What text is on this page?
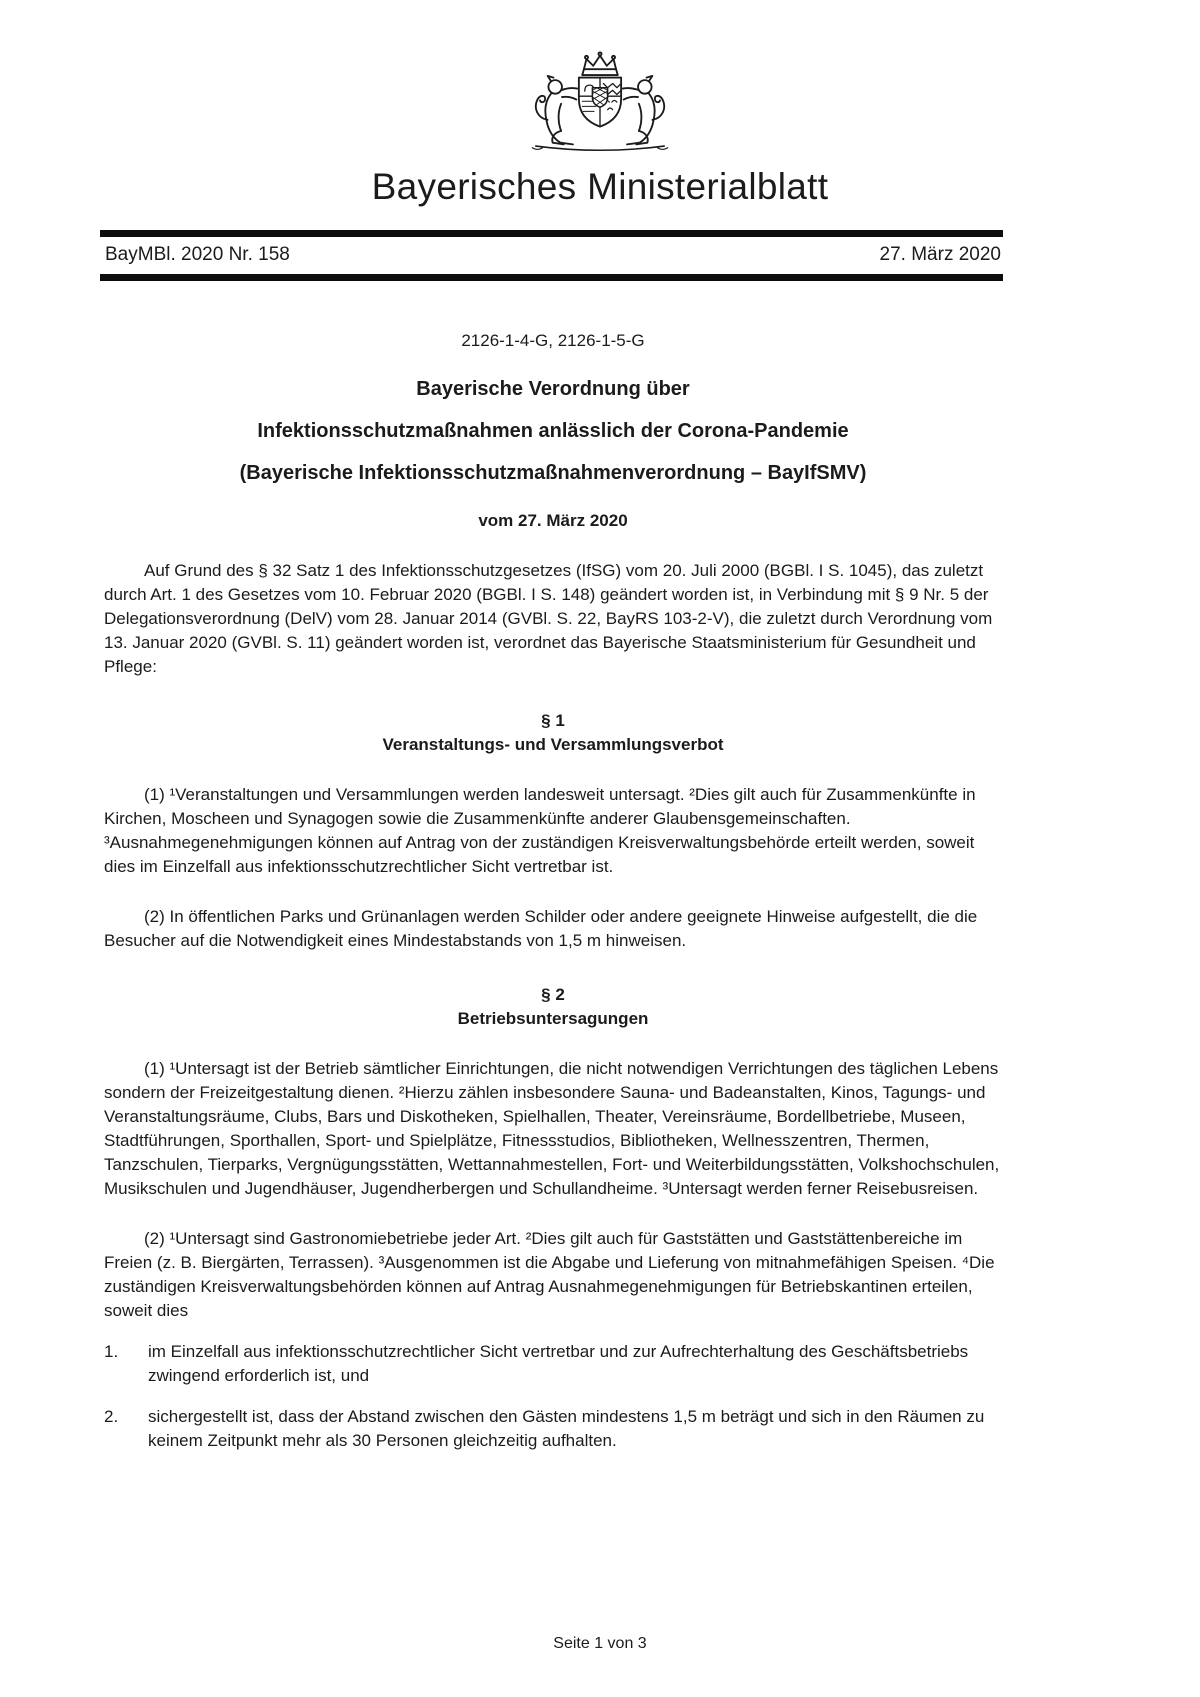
Bayerisches Ministerialblatt
BayMBl. 2020 Nr. 158	27. März 2020

2126-1-4-G, 2126-1-5-G

Bayerische Verordnung über
Infektionsschutzmaßnahmen anlässlich der Corona-Pandemie
(Bayerische Infektionsschutzmaßnahmenverordnung – BayIfSMV)

vom 27. März 2020

Auf Grund des § 32 Satz 1 des Infektionsschutzgesetzes (IfSG) vom 20. Juli 2000 (BGBl. I S. 1045), das zuletzt durch Art. 1 des Gesetzes vom 10. Februar 2020 (BGBl. I S. 148) geändert worden ist, in Verbindung mit § 9 Nr. 5 der Delegationsverordnung (DelV) vom 28. Januar 2014 (GVBl. S. 22, BayRS 103-2-V), die zuletzt durch Verordnung vom 13. Januar 2020 (GVBl. S. 11) geändert worden ist, verordnet das Bayerische Staatsministerium für Gesundheit und Pflege:

§ 1
Veranstaltungs- und Versammlungsverbot

(1) ¹Veranstaltungen und Versammlungen werden landesweit untersagt. ²Dies gilt auch für Zusammenkünfte in Kirchen, Moscheen und Synagogen sowie die Zusammenkünfte anderer Glaubensgemeinschaften. ³Ausnahmegenehmigungen können auf Antrag von der zuständigen Kreisverwaltungsbehörde erteilt werden, soweit dies im Einzelfall aus infektionsschutzrechtlicher Sicht vertretbar ist.

(2) In öffentlichen Parks und Grünanlagen werden Schilder oder andere geeignete Hinweise aufgestellt, die die Besucher auf die Notwendigkeit eines Mindestabstands von 1,5 m hinweisen.

§ 2
Betriebsuntersagungen

(1) ¹Untersagt ist der Betrieb sämtlicher Einrichtungen, die nicht notwendigen Verrichtungen des täglichen Lebens sondern der Freizeitgestaltung dienen. ²Hierzu zählen insbesondere Sauna- und Badeanstalten, Kinos, Tagungs- und Veranstaltungsräume, Clubs, Bars und Diskotheken, Spielhallen, Theater, Vereinsräume, Bordellbetriebe, Museen, Stadtführungen, Sporthallen, Sport- und Spielplätze, Fitnessstudios, Bibliotheken, Wellnesszentren, Thermen, Tanzschulen, Tierparks, Vergnügungsstätten, Wettannahmestellen, Fort- und Weiterbildungsstätten, Volkshochschulen, Musikschulen und Jugendhäuser, Jugendherbergen und Schullandheime. ³Untersagt werden ferner Reisebusreisen.

(2) ¹Untersagt sind Gastronomiebetriebe jeder Art. ²Dies gilt auch für Gaststätten und Gaststättenbereiche im Freien (z. B. Biergärten, Terrassen). ³Ausgenommen ist die Abgabe und Lieferung von mitnahmefähigen Speisen. ⁴Die zuständigen Kreisverwaltungsbehörden können auf Antrag Ausnahmegenehmigungen für Betriebskantinen erteilen, soweit dies

1.	im Einzelfall aus infektionsschutzrechtlicher Sicht vertretbar und zur Aufrechterhaltung des Geschäftsbetriebs zwingend erforderlich ist, und
2.	sichergestellt ist, dass der Abstand zwischen den Gästen mindestens 1,5 m beträgt und sich in den Räumen zu keinem Zeitpunkt mehr als 30 Personen gleichzeitig aufhalten.
Seite 1 von 3
